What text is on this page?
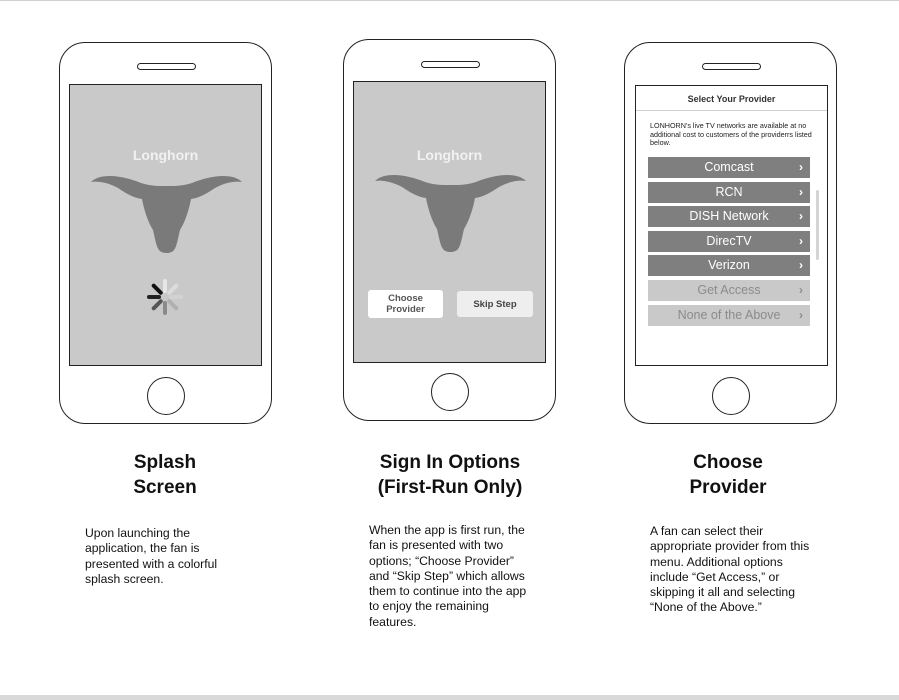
Longhorn	Longhorn
Choose Provider	Skip Step
Select Your Provider
LONHORN's live TV networks are available at no additional cost to customers of the providerrs listed below.
Comcast	›
RCN	›
DISH Network	›
DirecTV	›
Verizon	›
Get Access	›
None of the Above ›
Splash
Screen
Upon launching the application, the fan is presented with a colorful splash screen.
Sign In Options
(First-Run Only)
When the app is first run, the fan is presented with two options; “Choose Provider” and “Skip Step” which allows them to continue into the app to enjoy the remaining features.
Choose
Provider
A fan can select their appropriate provider from this menu. Additional options include “Get Access,” or skipping it all and selecting “None of the Above.”
